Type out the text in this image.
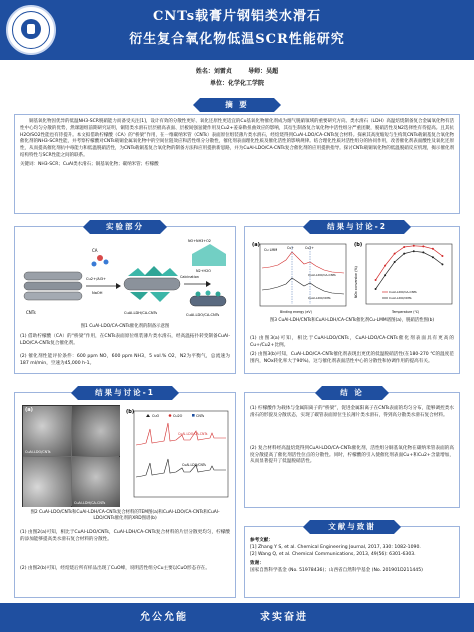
CNTs载膏片钢铝类水滑石
衍生复合氧化物低温SCR性能研究
姓名：刘雷贞	导师：吴超
单位：化学化工学院
摘 要

铜基氧化物因优异的低温NH3-SCR脱硝能力而备受关注[1]，设计有效的分散性更好、氧化还原性更适宜的Cu基氧化物催化剂成为烟气脱硝领域的重要研究方向。类水滑石（LDH）高温焙烧制备复合金属氧化物有活性中心均匀分散的优势，然课题组前期研究证明，铜铝类水滑石层层板高表面、层板间强氢键作用及Cu2+姜泰勒扭曲效应的影响，其衍生制备复合氧化物中活性组分严重团聚，脱硝活性及N2选择性有待提高。且其抗H2O/SO2性能也有待提升。本文拟借助柠檬酸（CA）的“桥梁”作用，在一维碳纳米管（CNTs）表面原位组装薄片类水滑石，经焙烧得到CuAl-LDO/CA-CNTs复合材料。探索其高度缩短与生构筑CNTs载铜基复合氧化物催化剂的NH3-SCR性能，并考察柠檬酸对CNTs载铜金属氧化物中的空间位阻效应和活性组分分散性，催化剂表面理化性质及催化活性的影响规律。结合理化性质对活性组分的协同作用，改善催化剂表面酸性及氧化还原性，从而提高催化剂抗中毒能力和低温脱硝活性，为CNTs载铜基复合氧化物的制备方法和应用提供新思路，并为CuAl-LDO/CA-CNTs复合催化剂的应用提供指导。探讨CNTs载铜氧化物的低温脱硝反应机理，揭示催化剂结构特性与SCR性能之间的联系。

关键词：NH3-SCR；CuAl类水滑石；铜基氧化物；碳纳米管；柠檬酸
实验部分
CNTs
CA
Cu2+/Al3+
NaOH
CuAl-LDH/CA-CNTs
Calcination
CuAl-LDO/CA-CNTs
NO+NH3+O2
N2+H2O
图1 CuAl-LDO/CA-CNTs催化剂的制备示意图
(1) 借助柠檬酸（CA）的“桥梁”作用，在CNTs表面原位组装薄片类水滑石，经高温拓扑转变制备CuAl-LDO/CA-CNTs复合催化剂。
(2) 催化剂性能评价条件：600 ppm NO，600 ppm NH3，5 vol.% O2，N2为平衡气，总流速为187 ml/min，空速为45,000 h-1。
结果与讨论-1
(a)
CuAl-LDO/CNTs
CuAl-LDH/CA-CNTs
(b)
CuO	Cu2O	CNTs
CuAl-LDO/CA-CNTs
CuAl-LDO/CNTs
图2 CuAl-LDO/CNTs和CuAl-LDH/CA-CNTs复合材料的TEM图(a)和CuAl-LDO/CA-CNTs和CuAl-LDO/CNTs催化剂的XRD图谱(b)
(1) 由图2(a)可知，相比于CuAl-LDO/CNTs，CuAl-LDH/CA-CNTs复合材料的片层分散更均匀，柠檬酸的添加能够提高类水滑石复合材料的分散性。
(2) 由图2(b)可知，经焙烧后所有样品出现了CuO峰，说明活性组分Cu主要以CuO形态存在。
结果与讨论-2
(a)
Cu LMM	Cu+	Cu2+
CuAl-LDO/CA-CNTs
CuAl-LDO/CNTs
Binding energy (eV)
(b)
Temperature (℃)
NOx conversion (%)	CuAl-LDO/CA-CNTs
CuAl-LDO/CNTs
图3 CuAl-LDH/CNTs和CuAl-LDH/CA-CNTs催化剂Cu-LMM谱图(a)，脱硝活性图(b)
(1) 由图3(a)可知，相比于CuAl-LDO/CNTs，CuAl-LDO/CA-CNTs催化剂表面具有更高的Cu+/Cu2+比例。
(2) 由图3(b)可知，CuAl-LDO/CA-CNTs催化剂表现出更优的低温脱硝活性(在180-270 ℃的温度范围内，NOx转化率大于90%)。这与催化剂表面活性中心的分散性和协调作用的提高有关。
结 论
(1) 柠檬酸作为载体与金属阳离子的“桥梁”，促进金属阳离子在CNTs表面的均匀分布，能够调控类水滑石的形貌及分散状态，实现了碳管表面原位生长薄片类水滑石，得到高分散类水滑石复合材料。
(2) 复合材料经高温焙烧得到CuAl-LDO/CA-CNTs催化剂，活性组分铜基氧化物在碳纳米管表面的高度分散提高了催化剂活性位点的分散性。同时，柠檬酸的引入使催化剂表面Cu+和Cu2+含量增加，从而显著提升了低温脱硝活性。
文献与致谢
参考文献：
[1] Zhang Y S, et al. Chemical Engineering Journal, 2017, 330: 1082-1090.
[2] Wang Q, et al. Chemical Communications, 2013, 49(56): 6301-6303.
致谢：
国家自然科学基金 (No. 51978436)；山西省自然科学基金 (No. 201901D211445)
允公允能	求实奋进
